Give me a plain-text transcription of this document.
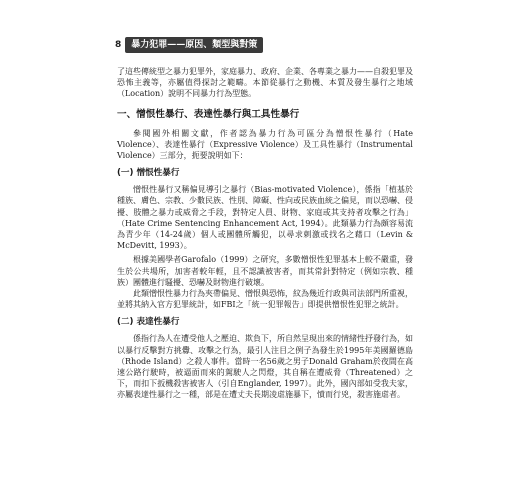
8	暴力犯罪——原因、類型與對策

了這些傳統型之暴力犯罪外，家庭暴力、政府、企業、各專業之暴力——自殺犯罪及恐怖主義等，亦屬值得探討之範疇。本節從暴行之動機、本質及發生暴行之地域（Location）說明不同暴力行為型態。

一、憎恨性暴行、表達性暴行與工具性暴行

參閱國外相關文獻，作者認為暴力行為可區分為憎恨性暴行（Hate Violence）、表達性暴行（Expressive Violence）及工具性暴行（Instrumental Violence）三部分，扼要說明如下：

(一) 憎恨性暴行

憎恨性暴行又稱偏見導引之暴行（Bias-motivated Violence），係指「植基於種族、膚色、宗教、少數民族、性別、障礙、性向或民族血統之偏見，而以恐嚇、侵擾、肢體之暴力或威脅之手段，對特定人員、財物、家庭或其支持者攻擊之行為」（Hate Crime Sentencing Enhancement Act, 1994）。此類暴力行為頗容易流為青少年（14-24歲）個人或團體所觸犯，以尋求刺激或找名之藉口（Levin & McDevitt, 1993）。

根據美國學者Garofalo（1999）之研究，多數憎恨性犯罪基本上較不嚴重，發生於公共場所，加害者較年輕，且不認識被害者，而其常針對特定（例如宗教、種族）團體進行騷擾、恐嚇及財物進行破壞。

此類憎恨性暴力行為夾帶偏見、憎恨與恐怖，紋為幾近行政與司法部門所重視，並將其納入官方犯罪統計，如FBI之「統一犯罪報告」即提供憎恨性犯罪之統計。

(二) 表達性暴行

係指行為人在遭受他人之壓迫、欺負下，所自然呈現出來的情緒性抒發行為，如以暴行反擊對方挑釁、攻擊之行為，最引人注目之例子為發生於1995年美國羅德島（Rhode Island）之殺人事件。當時一名56歲之男子Donald Graham於夜間在高速公路行駛時，被逼面而來的駕駛人之閃燈，其自稱在遭威脅（Threatened）之下，而扣下扳機殺害被害人（引自Englander, 1997）。此外，國內部如受我夫家，亦屬表達性暴行之一種，部是在遭丈夫長期凌虐施暴下，憤而行兇，殺害施虐者。
